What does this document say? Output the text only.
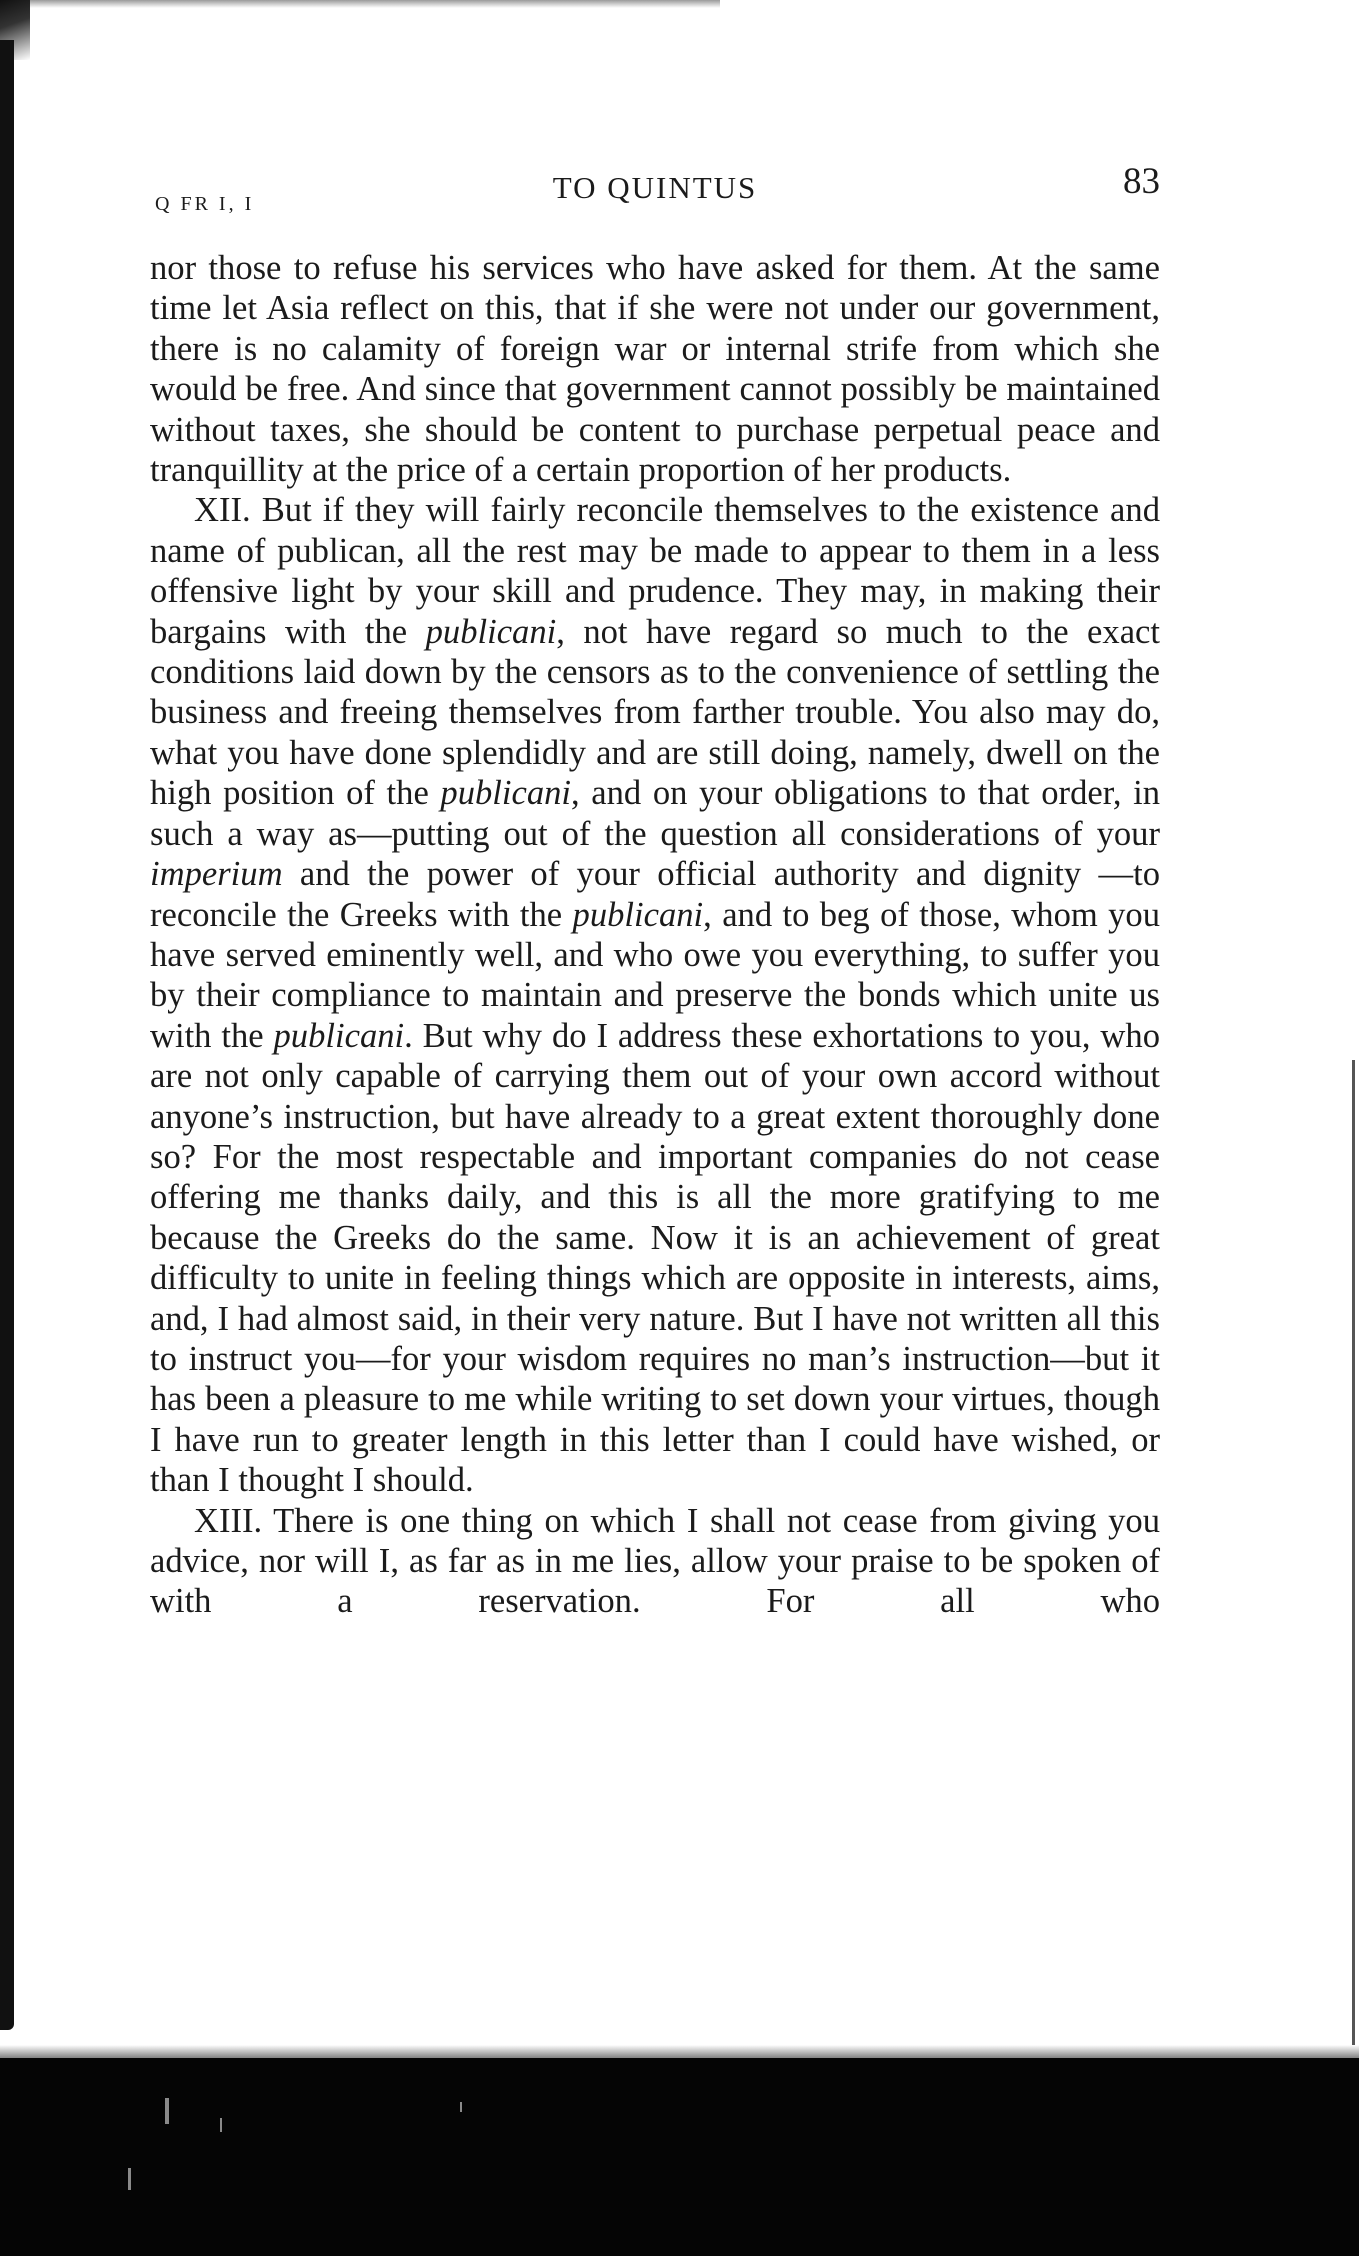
Q FR I, I	TO QUINTUS	83

nor those to refuse his services who have asked for them. At the same time let Asia reflect on this, that if she were not under our government, there is no calamity of foreign war or internal strife from which she would be free. And since that government cannot possibly be maintained without taxes, she should be content to purchase perpetual peace and tranquillity at the price of a certain proportion of her products.

XII. But if they will fairly reconcile themselves to the existence and name of publican, all the rest may be made to appear to them in a less offensive light by your skill and prudence. They may, in making their bargains with the publicani, not have regard so much to the exact conditions laid down by the censors as to the convenience of settling the business and freeing themselves from farther trouble. You also may do, what you have done splendidly and are still doing, namely, dwell on the high position of the publicani, and on your obligations to that order, in such a way as—putting out of the question all considerations of your imperium and the power of your official authority and dignity —to reconcile the Greeks with the publicani, and to beg of those, whom you have served eminently well, and who owe you everything, to suffer you by their compliance to maintain and preserve the bonds which unite us with the publicani. But why do I address these exhortations to you, who are not only capable of carrying them out of your own accord without anyone’s instruction, but have already to a great extent thoroughly done so? For the most respectable and important companies do not cease offering me thanks daily, and this is all the more gratifying to me because the Greeks do the same. Now it is an achievement of great difficulty to unite in feeling things which are opposite in interests, aims, and, I had almost said, in their very nature. But I have not written all this to instruct you—for your wisdom requires no man’s instruction—but it has been a pleasure to me while writing to set down your virtues, though I have run to greater length in this letter than I could have wished, or than I thought I should.

XIII. There is one thing on which I shall not cease from giving you advice, nor will I, as far as in me lies, allow your praise to be spoken of with a reservation. For all who
